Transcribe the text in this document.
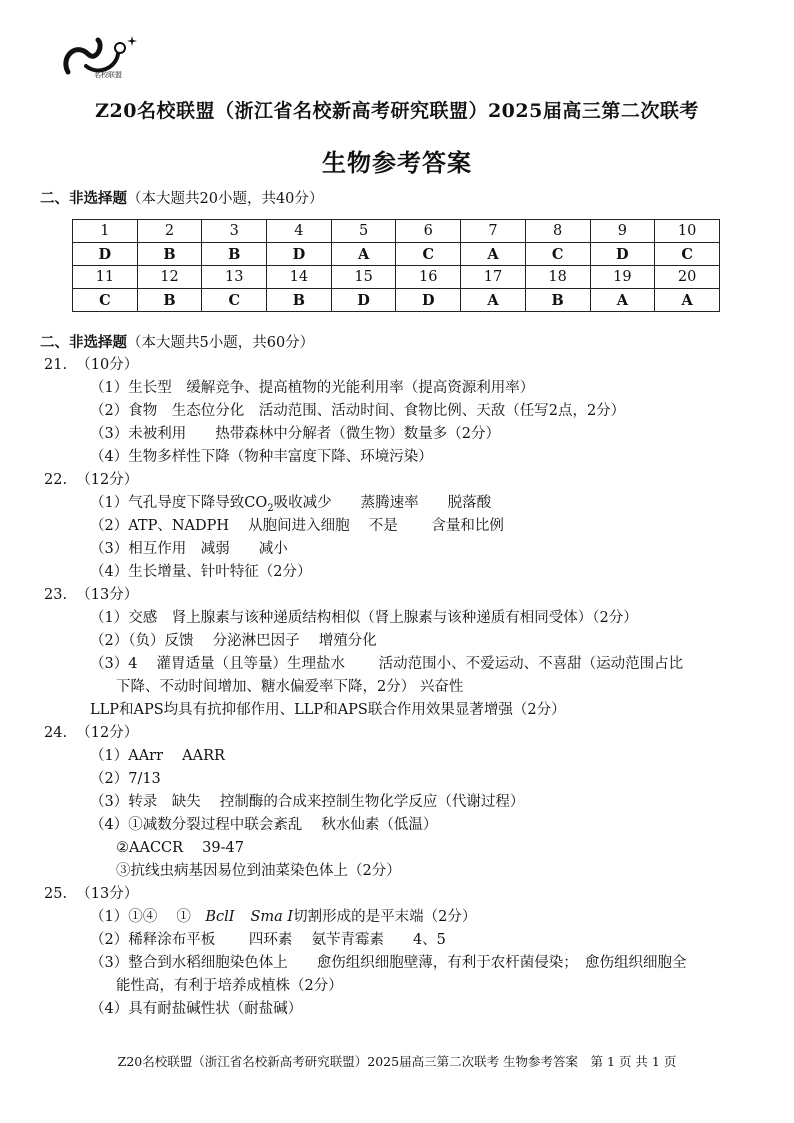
名校联盟
Z20名校联盟（浙江省名校新高考研究联盟）2025届高三第二次联考
生物参考答案
二、非选择题（本大题共20小题，共40分）
1	2	3	4	5	6	7	8	9	10
D	B	B	D	A	C	A	C	D	C
11	12	13	14	15	16	17	18	19	20
C	B	C	B	D	D	A	B	A	A
二、非选择题（本大题共5小题，共60分）
21. （10分）
（1）生长型　缓解竞争、提高植物的光能利用率（提高资源利用率）
（2）食物　生态位分化　活动范围、活动时间、食物比例、天敌（任写2点，2分）
（3）未被利用　　热带森林中分解者（微生物）数量多（2分）
（4）生物多样性下降（物种丰富度下降、环境污染）
22. （12分）
（1）气孔导度下降导致$CO_2$吸收减少　　蒸腾速率　　脱落酸
（2）ATP、NADPH　 从胞间进入细胞　 不是　　 含量和比例
（3）相互作用　减弱　　减小
（4）生长增量、针叶特征（2分）
23. （13分）
（1）交感　肾上腺素与该种递质结构相似（肾上腺素与该种递质有相同受体）（2分）
（2）（负）反馈　 分泌淋巴因子　 增殖分化
（3）4　 灌胃适量（且等量）生理盐水　　 活动范围小、不爱运动、不喜甜（运动范围占比
下降、不动时间增加、糖水偏爱率下降，2分） 兴奋性
LLP和APS均具有抗抑郁作用、LLP和APS联合作用效果显著增强（2分）
24. （12分）
（1）AArr　 AARR
（2）7/13
（3）转录　缺失　 控制酶的合成来控制生物化学反应（代谢过程）
（4）①减数分裂过程中联会紊乱　 秋水仙素（低温）
②AACCR　 39-47
③抗线虫病基因易位到油菜染色体上（2分）
25. （13分）
（1）①④　 ①　BclI Sma I切割形成的是平末端（2分）
（2）稀释涂布平板　　 四环素　 氨苄青霉素　　4、5
（3）整合到水稻细胞染色体上　　愈伤组织细胞壁薄，有利于农杆菌侵染；　愈伤组织细胞全
能性高，有利于培养成植株（2分）
（4）具有耐盐碱性状（耐盐碱）
Z20名校联盟（浙江省名校新高考研究联盟）2025届高三第二次联考 生物参考答案　第 1 页 共 1 页
